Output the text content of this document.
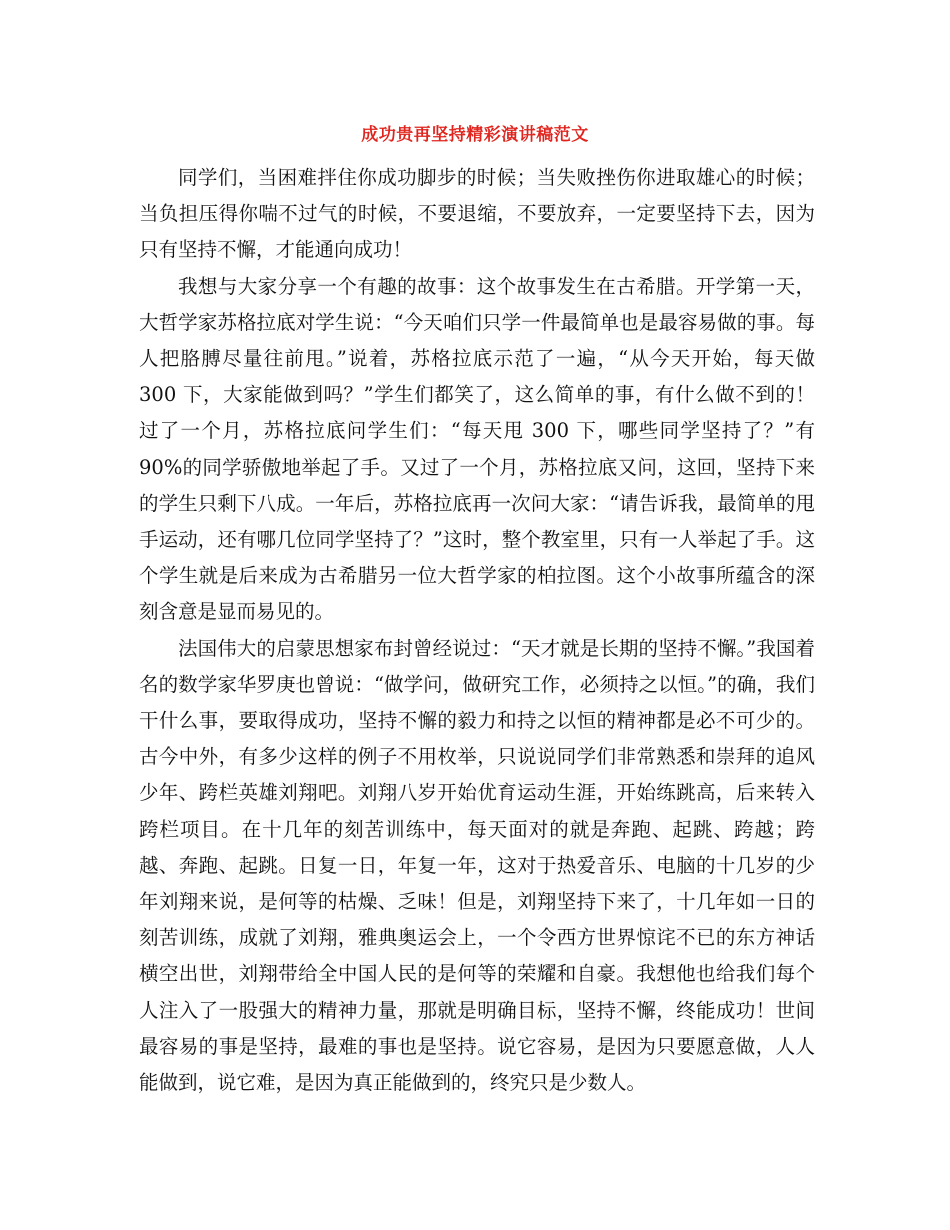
成功贵再坚持精彩演讲稿范文

同学们，当困难拌住你成功脚步的时候；当失败挫伤你进取雄心的时候；当负担压得你喘不过气的时候，不要退缩，不要放弃，一定要坚持下去，因为只有坚持不懈，才能通向成功！

我想与大家分享一个有趣的故事：这个故事发生在古希腊。开学第一天，大哲学家苏格拉底对学生说：“今天咱们只学一件最简单也是最容易做的事。每人把胳膊尽量往前甩。”说着，苏格拉底示范了一遍，“从今天开始，每天做 300 下，大家能做到吗？”学生们都笑了，这么简单的事，有什么做不到的！过了一个月，苏格拉底问学生们：“每天甩 300 下，哪些同学坚持了？”有 90%的同学骄傲地举起了手。又过了一个月，苏格拉底又问，这回，坚持下来的学生只剩下八成。一年后，苏格拉底再一次问大家：“请告诉我，最简单的甩手运动，还有哪几位同学坚持了？”这时，整个教室里，只有一人举起了手。这个学生就是后来成为古希腊另一位大哲学家的柏拉图。这个小故事所蕴含的深刻含意是显而易见的。

法国伟大的启蒙思想家布封曾经说过：“天才就是长期的坚持不懈。”我国着名的数学家华罗庚也曾说：“做学问，做研究工作，必须持之以恒。”的确，我们干什么事，要取得成功，坚持不懈的毅力和持之以恒的精神都是必不可少的。古今中外，有多少这样的例子不用枚举，只说说同学们非常熟悉和崇拜的追风少年、跨栏英雄刘翔吧。刘翔八岁开始优育运动生涯，开始练跳高，后来转入跨栏项目。在十几年的刻苦训练中，每天面对的就是奔跑、起跳、跨越；跨越、奔跑、起跳。日复一日，年复一年，这对于热爱音乐、电脑的十几岁的少年刘翔来说，是何等的枯燥、乏味！但是，刘翔坚持下来了，十几年如一日的刻苦训练，成就了刘翔，雅典奥运会上，一个令西方世界惊诧不已的东方神话横空出世，刘翔带给全中国人民的是何等的荣耀和自豪。我想他也给我们每个人注入了一股强大的精神力量，那就是明确目标，坚持不懈，终能成功！世间最容易的事是坚持，最难的事也是坚持。说它容易，是因为只要愿意做，人人能做到，说它难，是因为真正能做到的，终究只是少数人。
